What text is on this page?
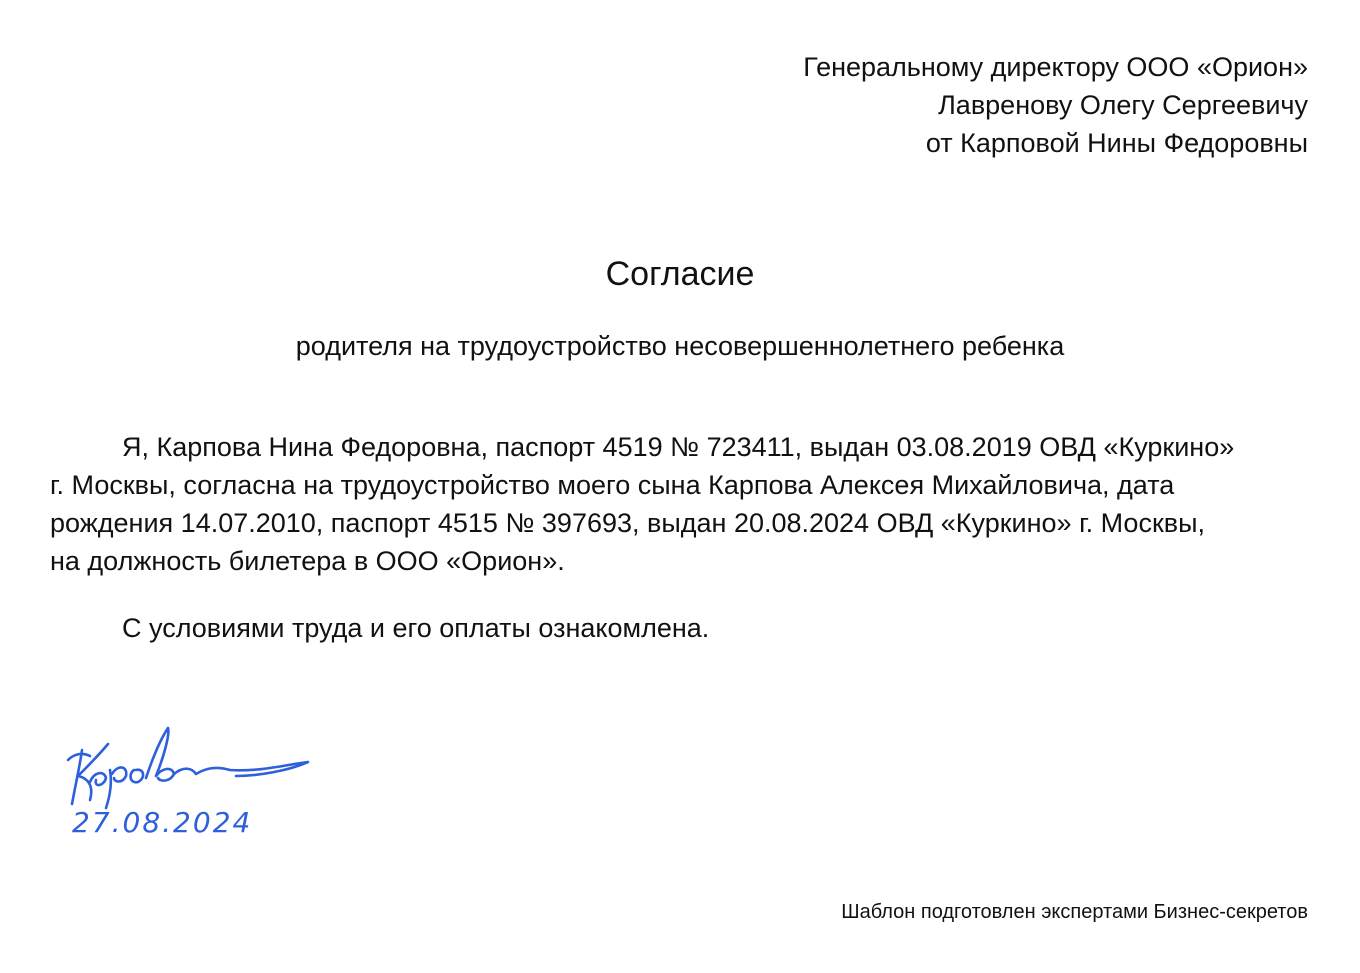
Генеральному директору ООО «Орион»
Лавренову Олегу Сергеевичу
от Карповой Нины Федоровны
Согласие
родителя на трудоустройство несовершеннолетнего ребенка

Я, Карпова Нина Федоровна, паспорт 4519 № 723411, выдан 03.08.2019 ОВД «Куркино»

г. Москвы, согласна на трудоустройство моего сына Карпова Алексея Михайловича, дата

рождения 14.07.2010, паспорт 4515 № 397693, выдан 20.08.2024 ОВД «Куркино» г. Москвы,

на должность билетера в ООО «Орион».

С условиями труда и его оплаты ознакомлена.
27.08.2024
Шаблон подготовлен экспертами Бизнес-секретов
